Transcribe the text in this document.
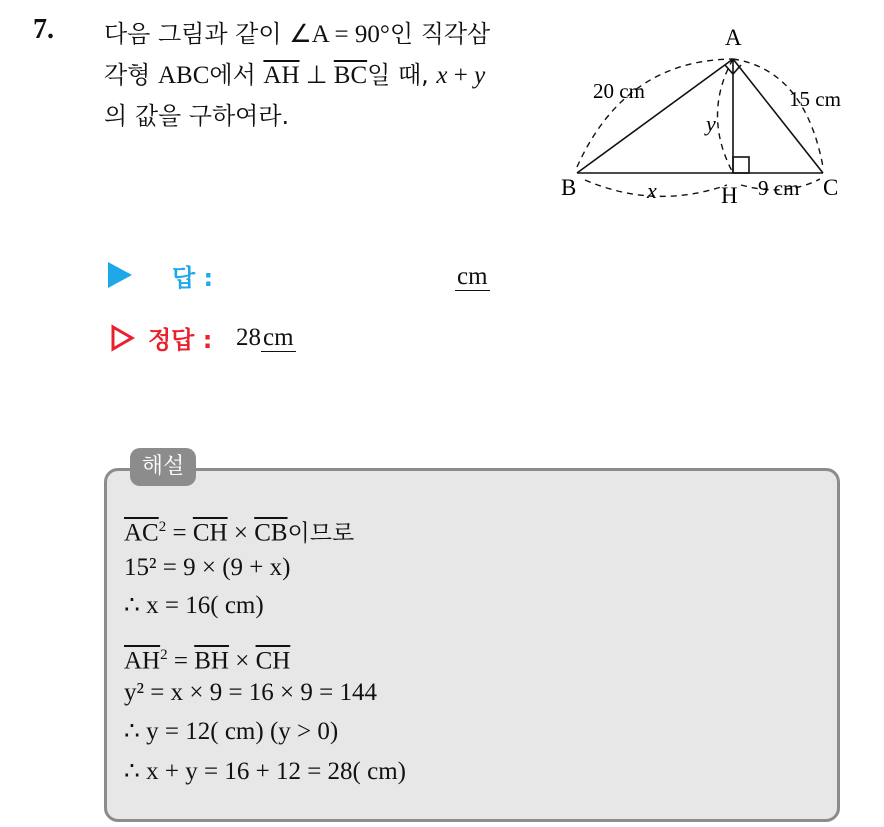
7. 다음 그림과 같이 ∠A = 90°인 직각삼
각형 ABC에서 $\overline{AH}$ ⊥ $\overline{BC}$일 때, x + y
의 값을 구하여라.
A
B	C
H
20 cm	15 cm
9 cm
x
y
답 :	cm
정답 : 28cm
해설
$\overline{AC}^2 = \overline{CH} \times \overline{CB}$이므로
15² = 9 × (9 + x)
∴ x = 16( cm)
$\overline{AH}^2 = \overline{BH} \times \overline{CH}$
y² = x × 9 = 16 × 9 = 144
∴ y = 12( cm) (y > 0)
∴ x + y = 16 + 12 = 28( cm)
